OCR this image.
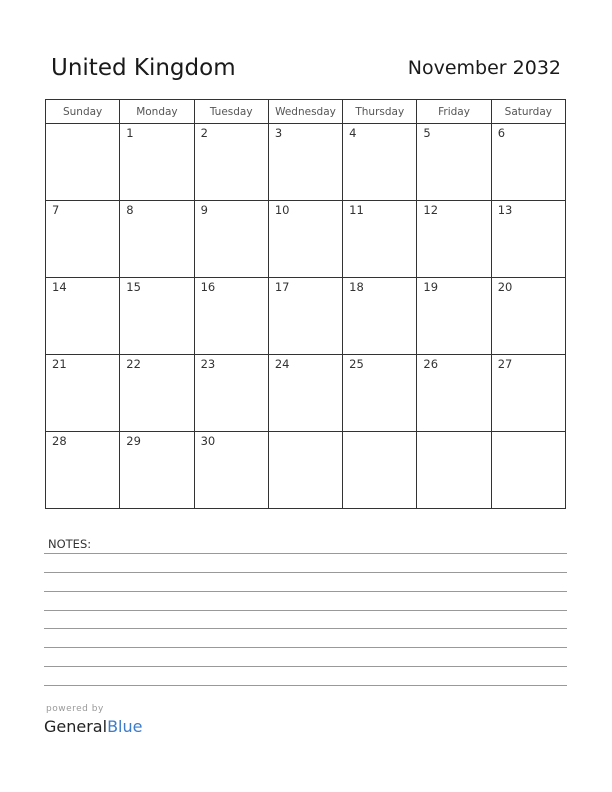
United Kingdom	November 2032
Sunday	Monday	Tuesday	Wednesday	Thursday	Friday	Saturday

	1	2	3	4	5	6

7	8	9	10	11	12	13

14	15	16	17	18	19	20

21	22	23	24	25	26	27

28	29	30				

NOTES:
powered by
GeneralBlue
